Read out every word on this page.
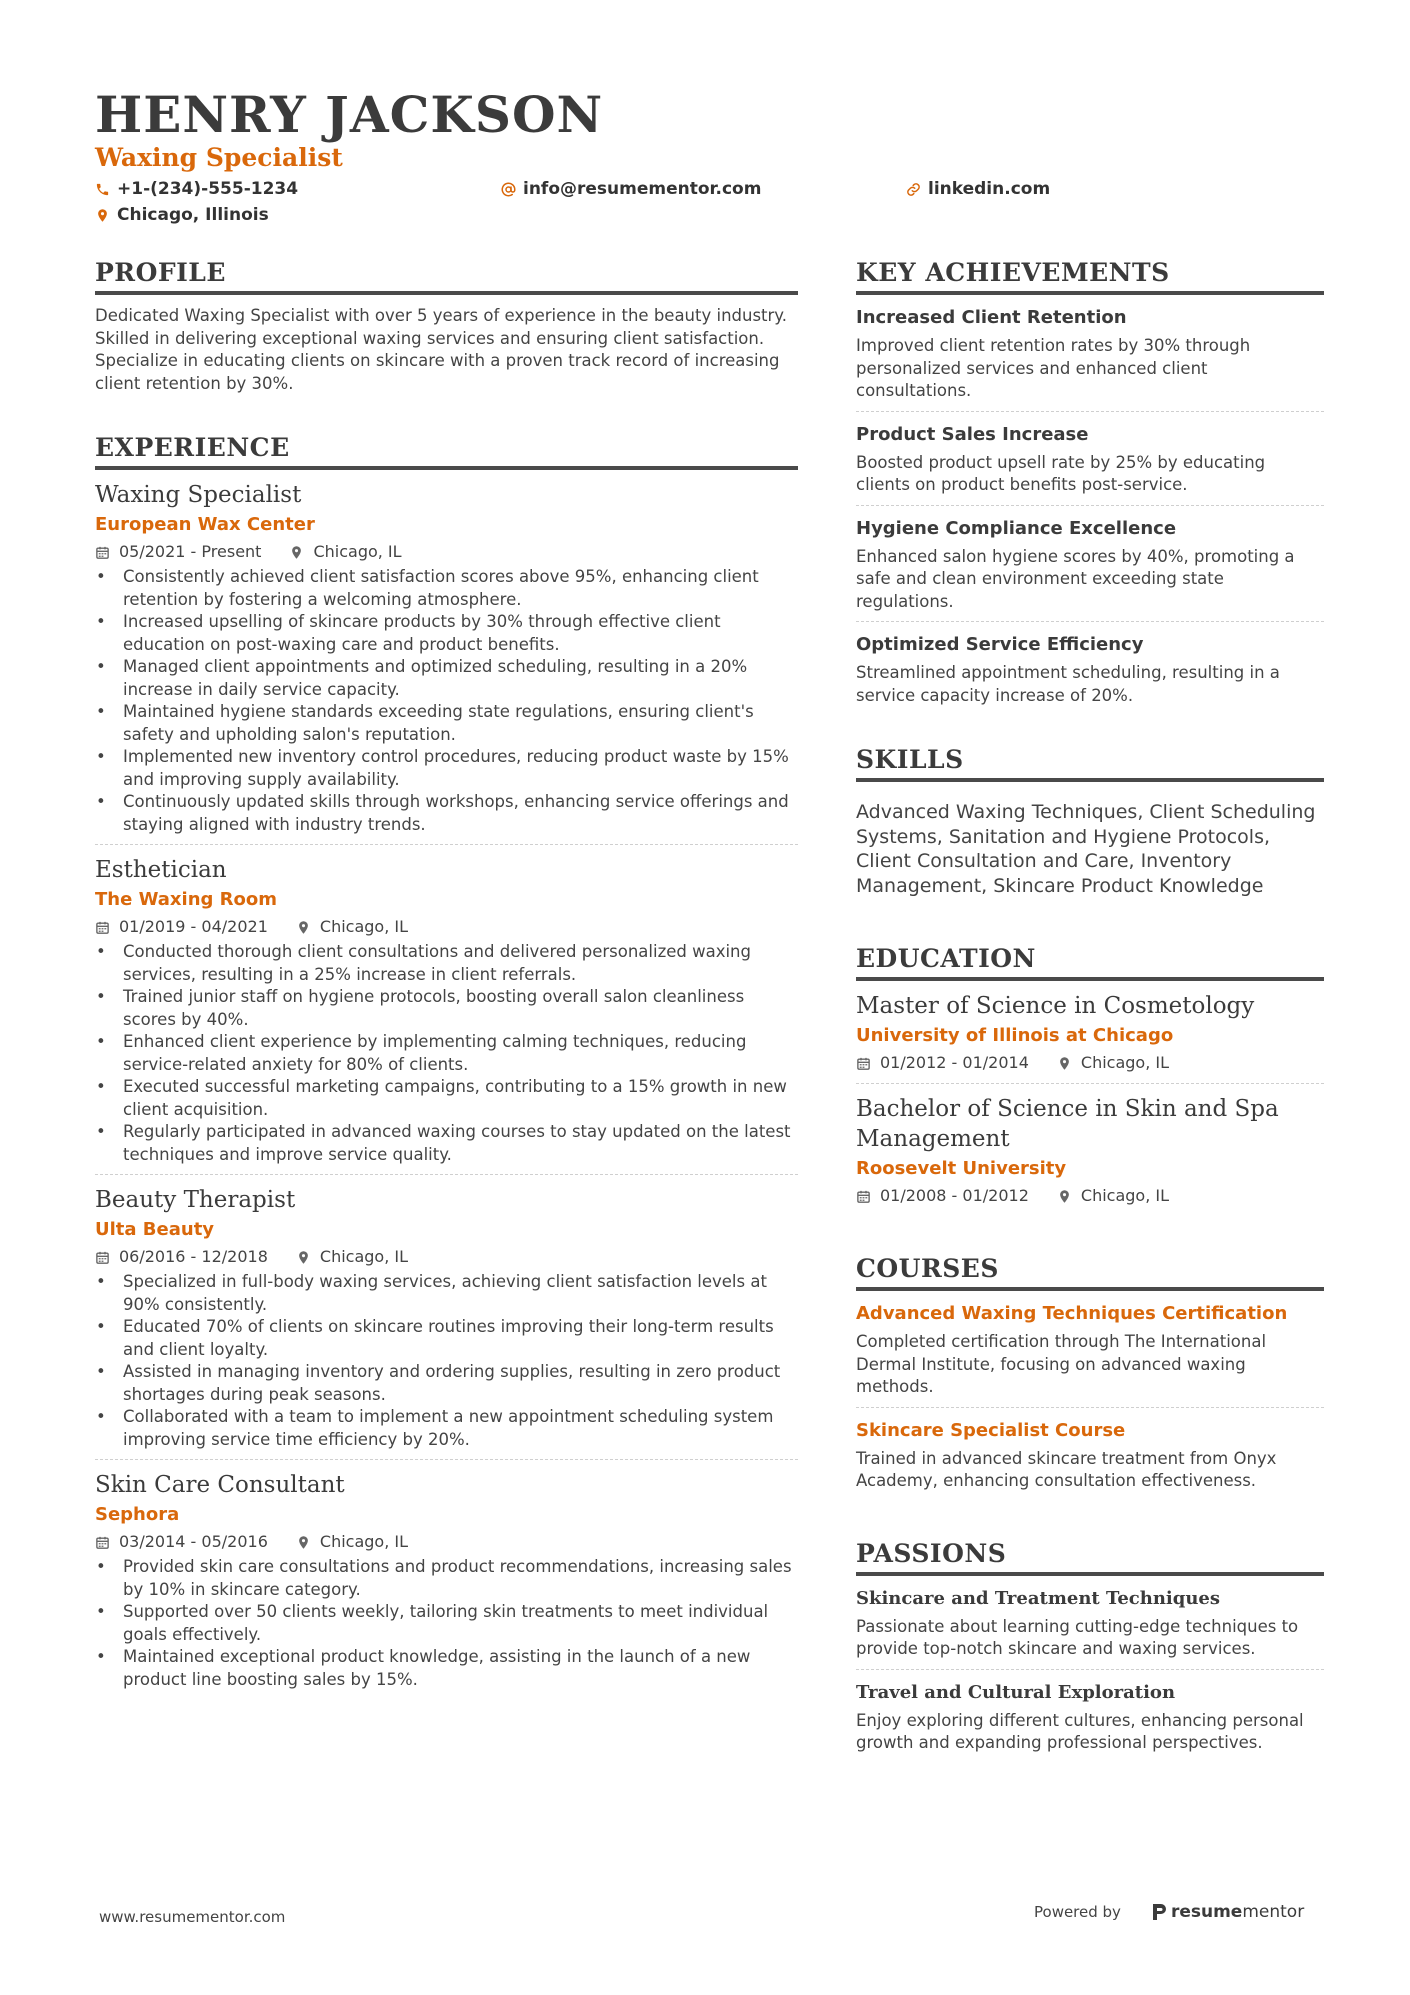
HENRY JACKSON
Waxing Specialist
+1-(234)-555-1234	info@resumementor.com	linkedin.com
Chicago, Illinois
PROFILE
Dedicated Waxing Specialist with over 5 years of experience in the beauty industry. Skilled in delivering exceptional waxing services and ensuring client satisfaction. Specialize in educating clients on skincare with a proven track record of increasing client retention by 30%.
EXPERIENCE
Waxing Specialist
European Wax Center
05/2021 - Present	Chicago, IL
• Consistently achieved client satisfaction scores above 95%, enhancing client retention by fostering a welcoming atmosphere.
• Increased upselling of skincare products by 30% through effective client education on post-waxing care and product benefits.
• Managed client appointments and optimized scheduling, resulting in a 20% increase in daily service capacity.
• Maintained hygiene standards exceeding state regulations, ensuring client's safety and upholding salon's reputation.
• Implemented new inventory control procedures, reducing product waste by 15% and improving supply availability.
• Continuously updated skills through workshops, enhancing service offerings and staying aligned with industry trends.
Esthetician
The Waxing Room
01/2019 - 04/2021	Chicago, IL
• Conducted thorough client consultations and delivered personalized waxing services, resulting in a 25% increase in client referrals.
• Trained junior staff on hygiene protocols, boosting overall salon cleanliness scores by 40%.
• Enhanced client experience by implementing calming techniques, reducing service-related anxiety for 80% of clients.
• Executed successful marketing campaigns, contributing to a 15% growth in new client acquisition.
• Regularly participated in advanced waxing courses to stay updated on the latest techniques and improve service quality.
Beauty Therapist
Ulta Beauty
06/2016 - 12/2018	Chicago, IL
• Specialized in full-body waxing services, achieving client satisfaction levels at 90% consistently.
• Educated 70% of clients on skincare routines improving their long-term results and client loyalty.
• Assisted in managing inventory and ordering supplies, resulting in zero product shortages during peak seasons.
• Collaborated with a team to implement a new appointment scheduling system improving service time efficiency by 20%.
Skin Care Consultant
Sephora
03/2014 - 05/2016	Chicago, IL
• Provided skin care consultations and product recommendations, increasing sales by 10% in skincare category.
• Supported over 50 clients weekly, tailoring skin treatments to meet individual goals effectively.
• Maintained exceptional product knowledge, assisting in the launch of a new product line boosting sales by 15%.
KEY ACHIEVEMENTS
Increased Client Retention
Improved client retention rates by 30% through personalized services and enhanced client consultations.
Product Sales Increase
Boosted product upsell rate by 25% by educating clients on product benefits post-service.
Hygiene Compliance Excellence
Enhanced salon hygiene scores by 40%, promoting a safe and clean environment exceeding state regulations.
Optimized Service Efficiency
Streamlined appointment scheduling, resulting in a service capacity increase of 20%.
SKILLS
Advanced Waxing Techniques, Client Scheduling Systems, Sanitation and Hygiene Protocols, Client Consultation and Care, Inventory Management, Skincare Product Knowledge
EDUCATION
Master of Science in Cosmetology
University of Illinois at Chicago
01/2012 - 01/2014	Chicago, IL
Bachelor of Science in Skin and Spa Management
Roosevelt University
01/2008 - 01/2012	Chicago, IL
COURSES
Advanced Waxing Techniques Certification
Completed certification through The International Dermal Institute, focusing on advanced waxing methods.
Skincare Specialist Course
Trained in advanced skincare treatment from Onyx Academy, enhancing consultation effectiveness.
PASSIONS
Skincare and Treatment Techniques
Passionate about learning cutting-edge techniques to provide top-notch skincare and waxing services.
Travel and Cultural Exploration
Enjoy exploring different cultures, enhancing personal growth and expanding professional perspectives.
www.resumementor.com	Powered by	resume mentor
